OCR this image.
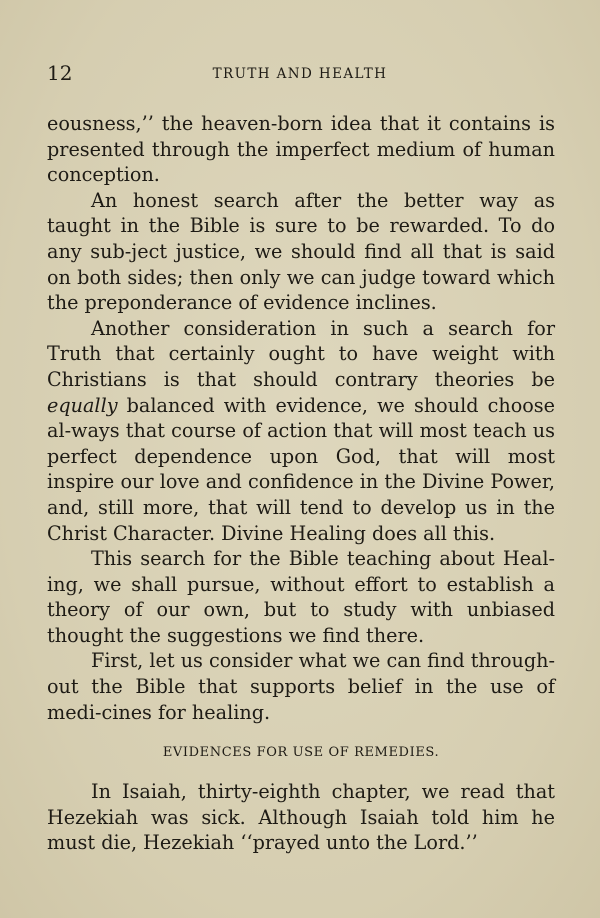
12	TRUTH AND HEALTH

eousness,’’ the heaven-born idea that it contains is presented through the imperfect medium of human conception.

An honest search after the better way as taught in the Bible is sure to be rewarded. To do any sub-ject justice, we should find all that is said on both sides; then only we can judge toward which the preponderance of evidence inclines.

Another consideration in such a search for Truth that certainly ought to have weight with Christians is that should contrary theories be equally balanced with evidence, we should choose al-ways that course of action that will most teach us perfect dependence upon God, that will most inspire our love and confidence in the Divine Power, and, still more, that will tend to develop us in the Christ Character. Divine Healing does all this.

This search for the Bible teaching about Heal-ing, we shall pursue, without effort to establish a theory of our own, but to study with unbiased thought the suggestions we find there.

First, let us consider what we can find through-out the Bible that supports belief in the use of medi-cines for healing.

EVIDENCES FOR USE OF REMEDIES.

In Isaiah, thirty-eighth chapter, we read that Hezekiah was sick. Although Isaiah told him he must die, Hezekiah ‘‘prayed unto the Lord.’’
